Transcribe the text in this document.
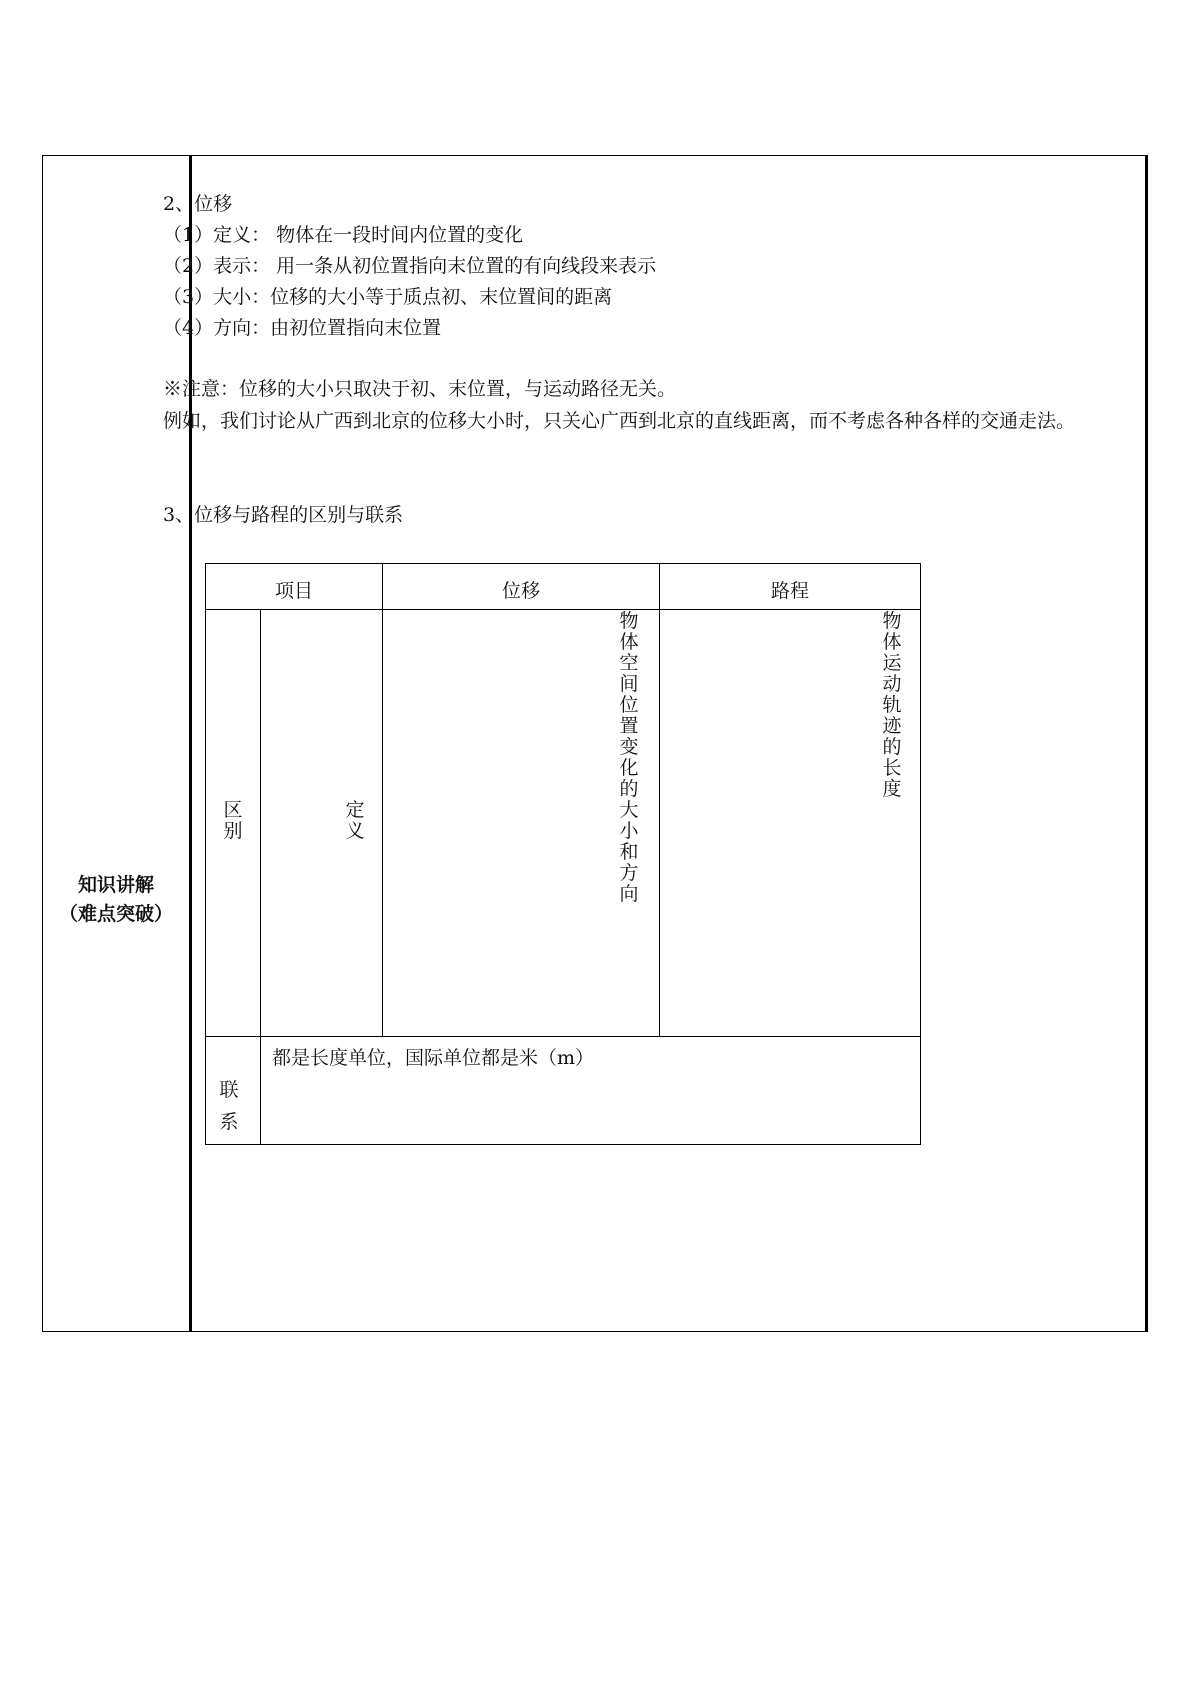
知识讲解
（难点突破）
2、位移
（1）定义： 物体在一段时间内位置的变化
（2）表示： 用一条从初位置指向末位置的有向线段来表示
（3）大小：位移的大小等于质点初、末位置间的距离
（4）方向：由初位置指向末位置
※注意：位移的大小只取决于初、末位置，与运动路径无关。
例如，我们讨论从广西到北京的位移大小时，只关心广西到北京的直线距离，而不考虑各种各样的交通走法。
3、位移与路程的区别与联系
项目	位移	路程
区别
定义
物体空间位置变化的大小和方向
物体运动轨迹的长度
联系
都是长度单位，国际单位都是米（m）
